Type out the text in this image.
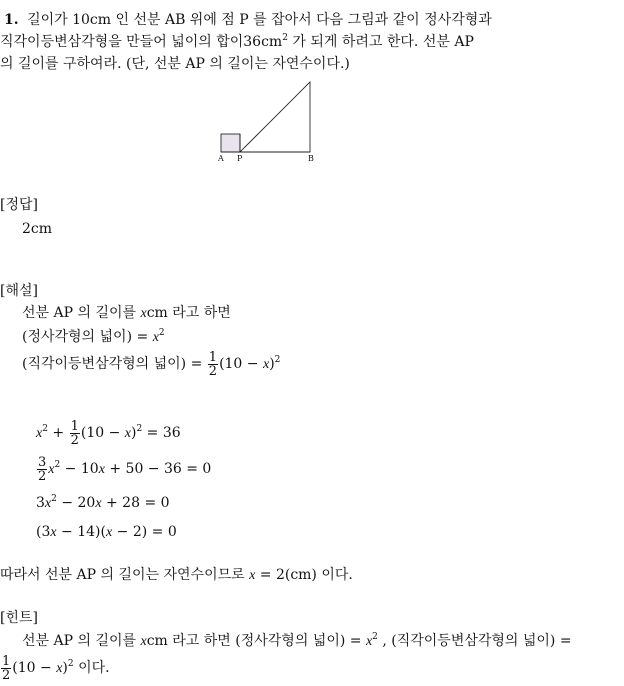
1. 길이가 10cm 인 선분 AB 위에 점 P 를 잡아서 다음 그림과 같이 정사각형과
직각이등변삼각형을 만들어 넓이의 합이$36cm^2$ 가 되게 하려고 한다. 선분 AP
의 길이를 구하여라. (단, 선분 AP 의 길이는 자연수이다.)
A P	B
[정답]
2cm
[해설]
선분 AP 의 길이를 xcm 라고 하면
(정사각형의 넓이) = $x^2$
(직각이등변삼각형의 넓이) = $\frac{1}{2} (10 - x)^2$
$x^2 + \frac{1}{2} (10 - x)^2 = 36$
$\frac{3}{2} x^2 - 10x + 50 - 36 = 0$
$3x^2 - 20x + 28 = 0$
(3x − 14)(x − 2) = 0
따라서 선분 AP 의 길이는 자연수이므로 x = 2(cm) 이다.
[힌트]
선분 AP 의 길이를 xcm 라고 하면 (정사각형의 넓이) = $x^2$ , (직각이등변삼각형의 넓이) =
$\frac{1}{2} (10 - x)^2$ 이다.
